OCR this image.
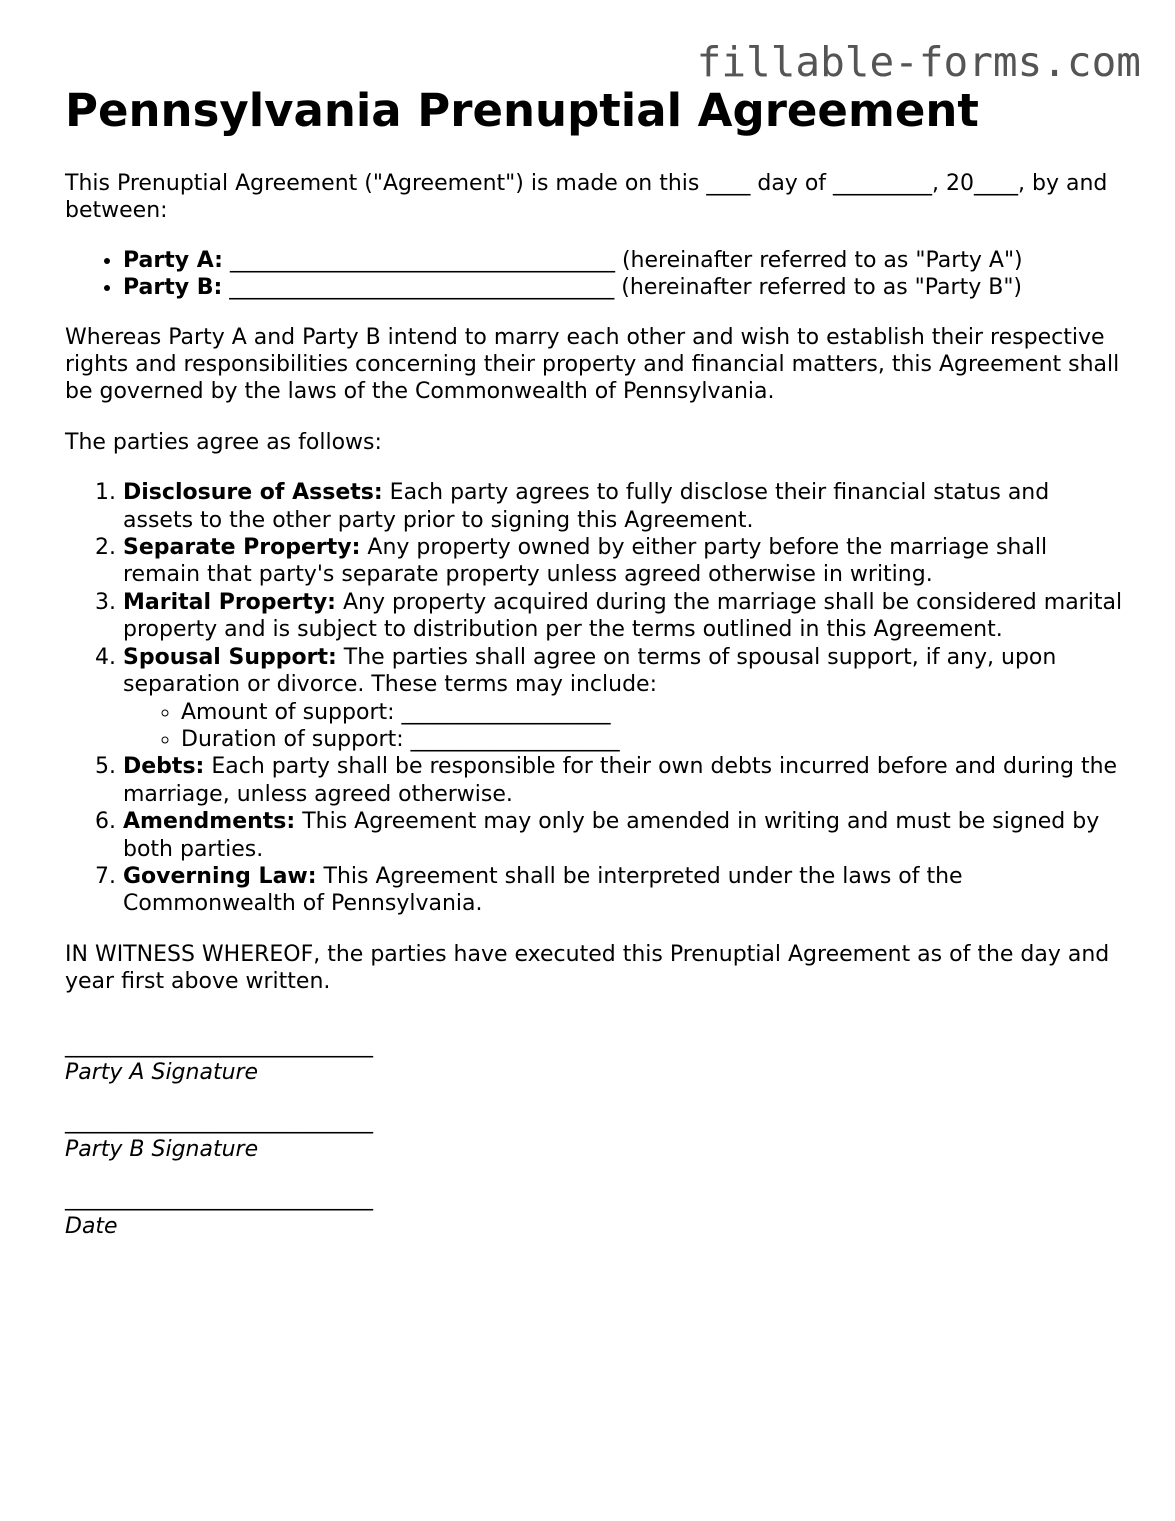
fillable-forms.com
Pennsylvania Prenuptial Agreement

This Prenuptial Agreement ("Agreement") is made on this ____ day of _________, 20____, by and between:

• Party A: ___________________________________ (hereinafter referred to as "Party A")
• Party B: ___________________________________ (hereinafter referred to as "Party B")

Whereas Party A and Party B intend to marry each other and wish to establish their respective rights and responsibilities concerning their property and financial matters, this Agreement shall be governed by the laws of the Commonwealth of Pennsylvania.

The parties agree as follows:

1. Disclosure of Assets: Each party agrees to fully disclose their financial status and assets to the other party prior to signing this Agreement.
2. Separate Property: Any property owned by either party before the marriage shall remain that party's separate property unless agreed otherwise in writing.
3. Marital Property: Any property acquired during the marriage shall be considered marital property and is subject to distribution per the terms outlined in this Agreement.
4. Spousal Support: The parties shall agree on terms of spousal support, if any, upon separation or divorce. These terms may include:
◦ Amount of support: ___________________
◦ Duration of support: ___________________
5. Debts: Each party shall be responsible for their own debts incurred before and during the marriage, unless agreed otherwise.
6. Amendments: This Agreement may only be amended in writing and must be signed by both parties.
7. Governing Law: This Agreement shall be interpreted under the laws of the Commonwealth of Pennsylvania.

IN WITNESS WHEREOF, the parties have executed this Prenuptial Agreement as of the day and year first above written.

____________________________
Party A Signature
____________________________
Party B Signature
____________________________
Date
